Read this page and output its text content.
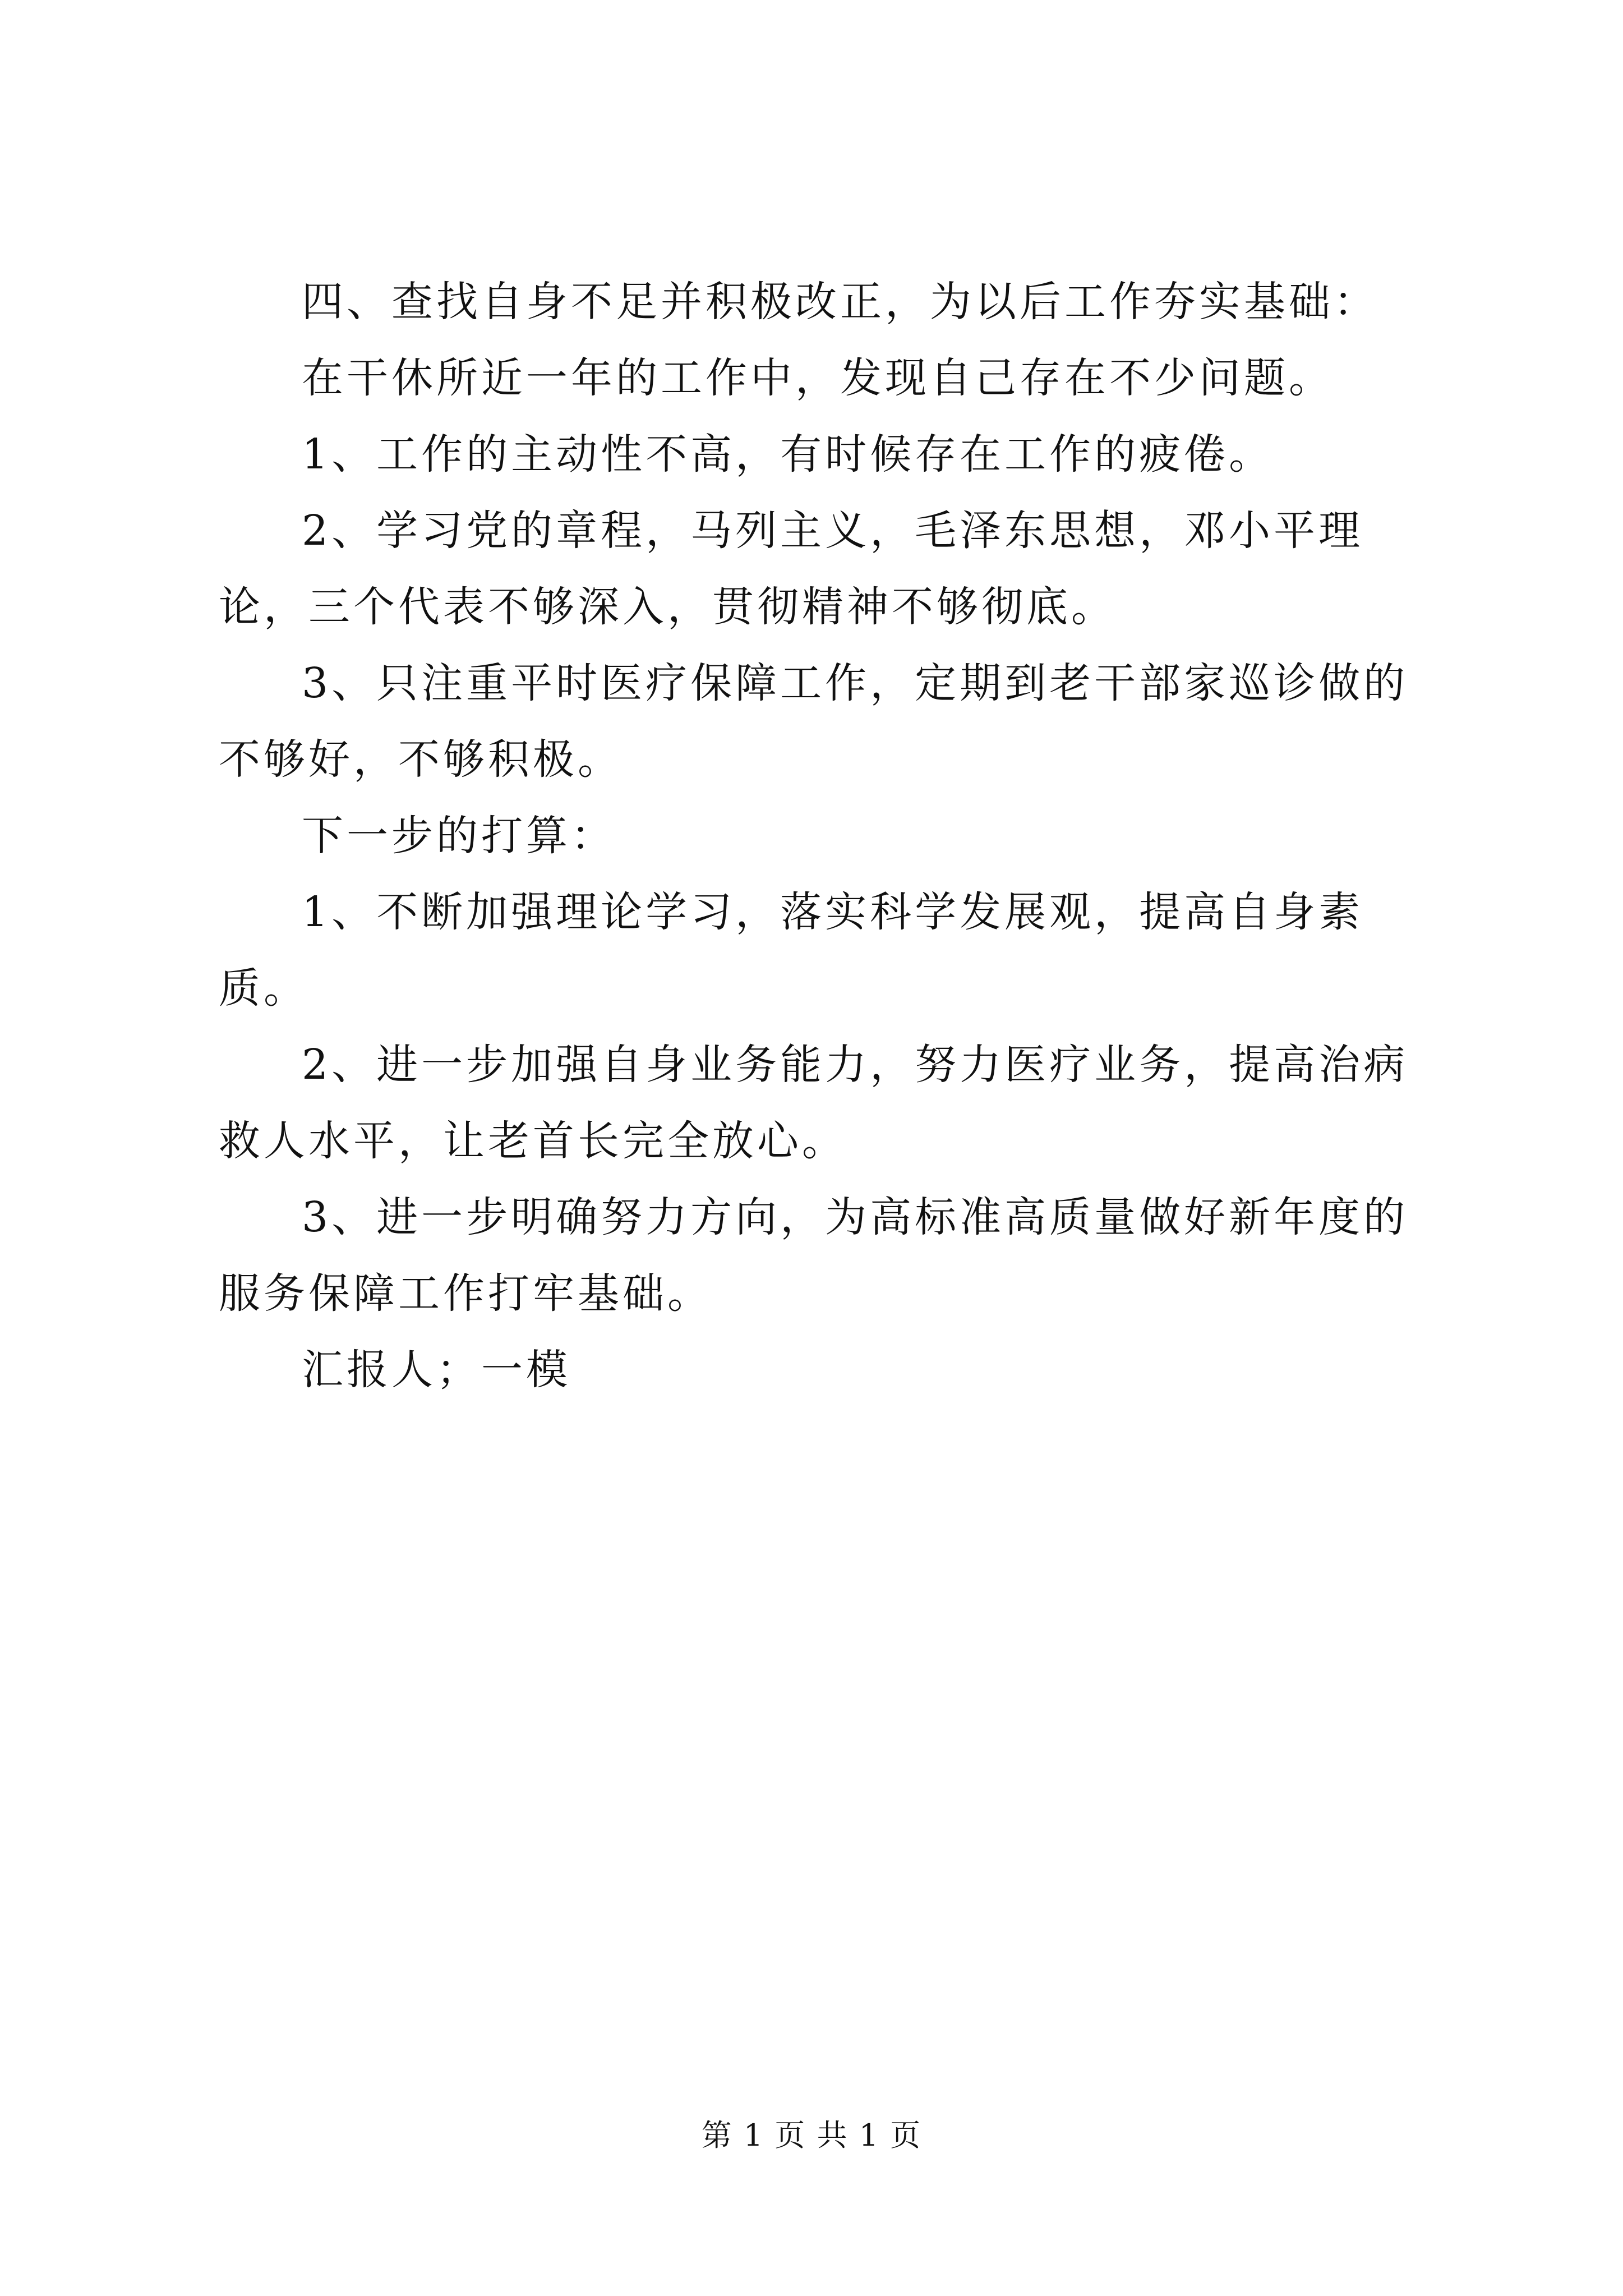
四、查找自身不足并积极改正，为以后工作夯实基础：

在干休所近一年的工作中，发现自己存在不少问题。

1、工作的主动性不高，有时候存在工作的疲倦。

2、学习党的章程，马列主义，毛泽东思想，邓小平理论，三个代表不够深入，贯彻精神不够彻底。

3、只注重平时医疗保障工作，定期到老干部家巡诊做的不够好，不够积极。

下一步的打算：

1、不断加强理论学习，落实科学发展观，提高自身素质。

2、进一步加强自身业务能力，努力医疗业务，提高治病救人水平，让老首长完全放心。

3、进一步明确努力方向，为高标准高质量做好新年度的服务保障工作打牢基础。

汇报人；一模

第 1 页 共 1 页
